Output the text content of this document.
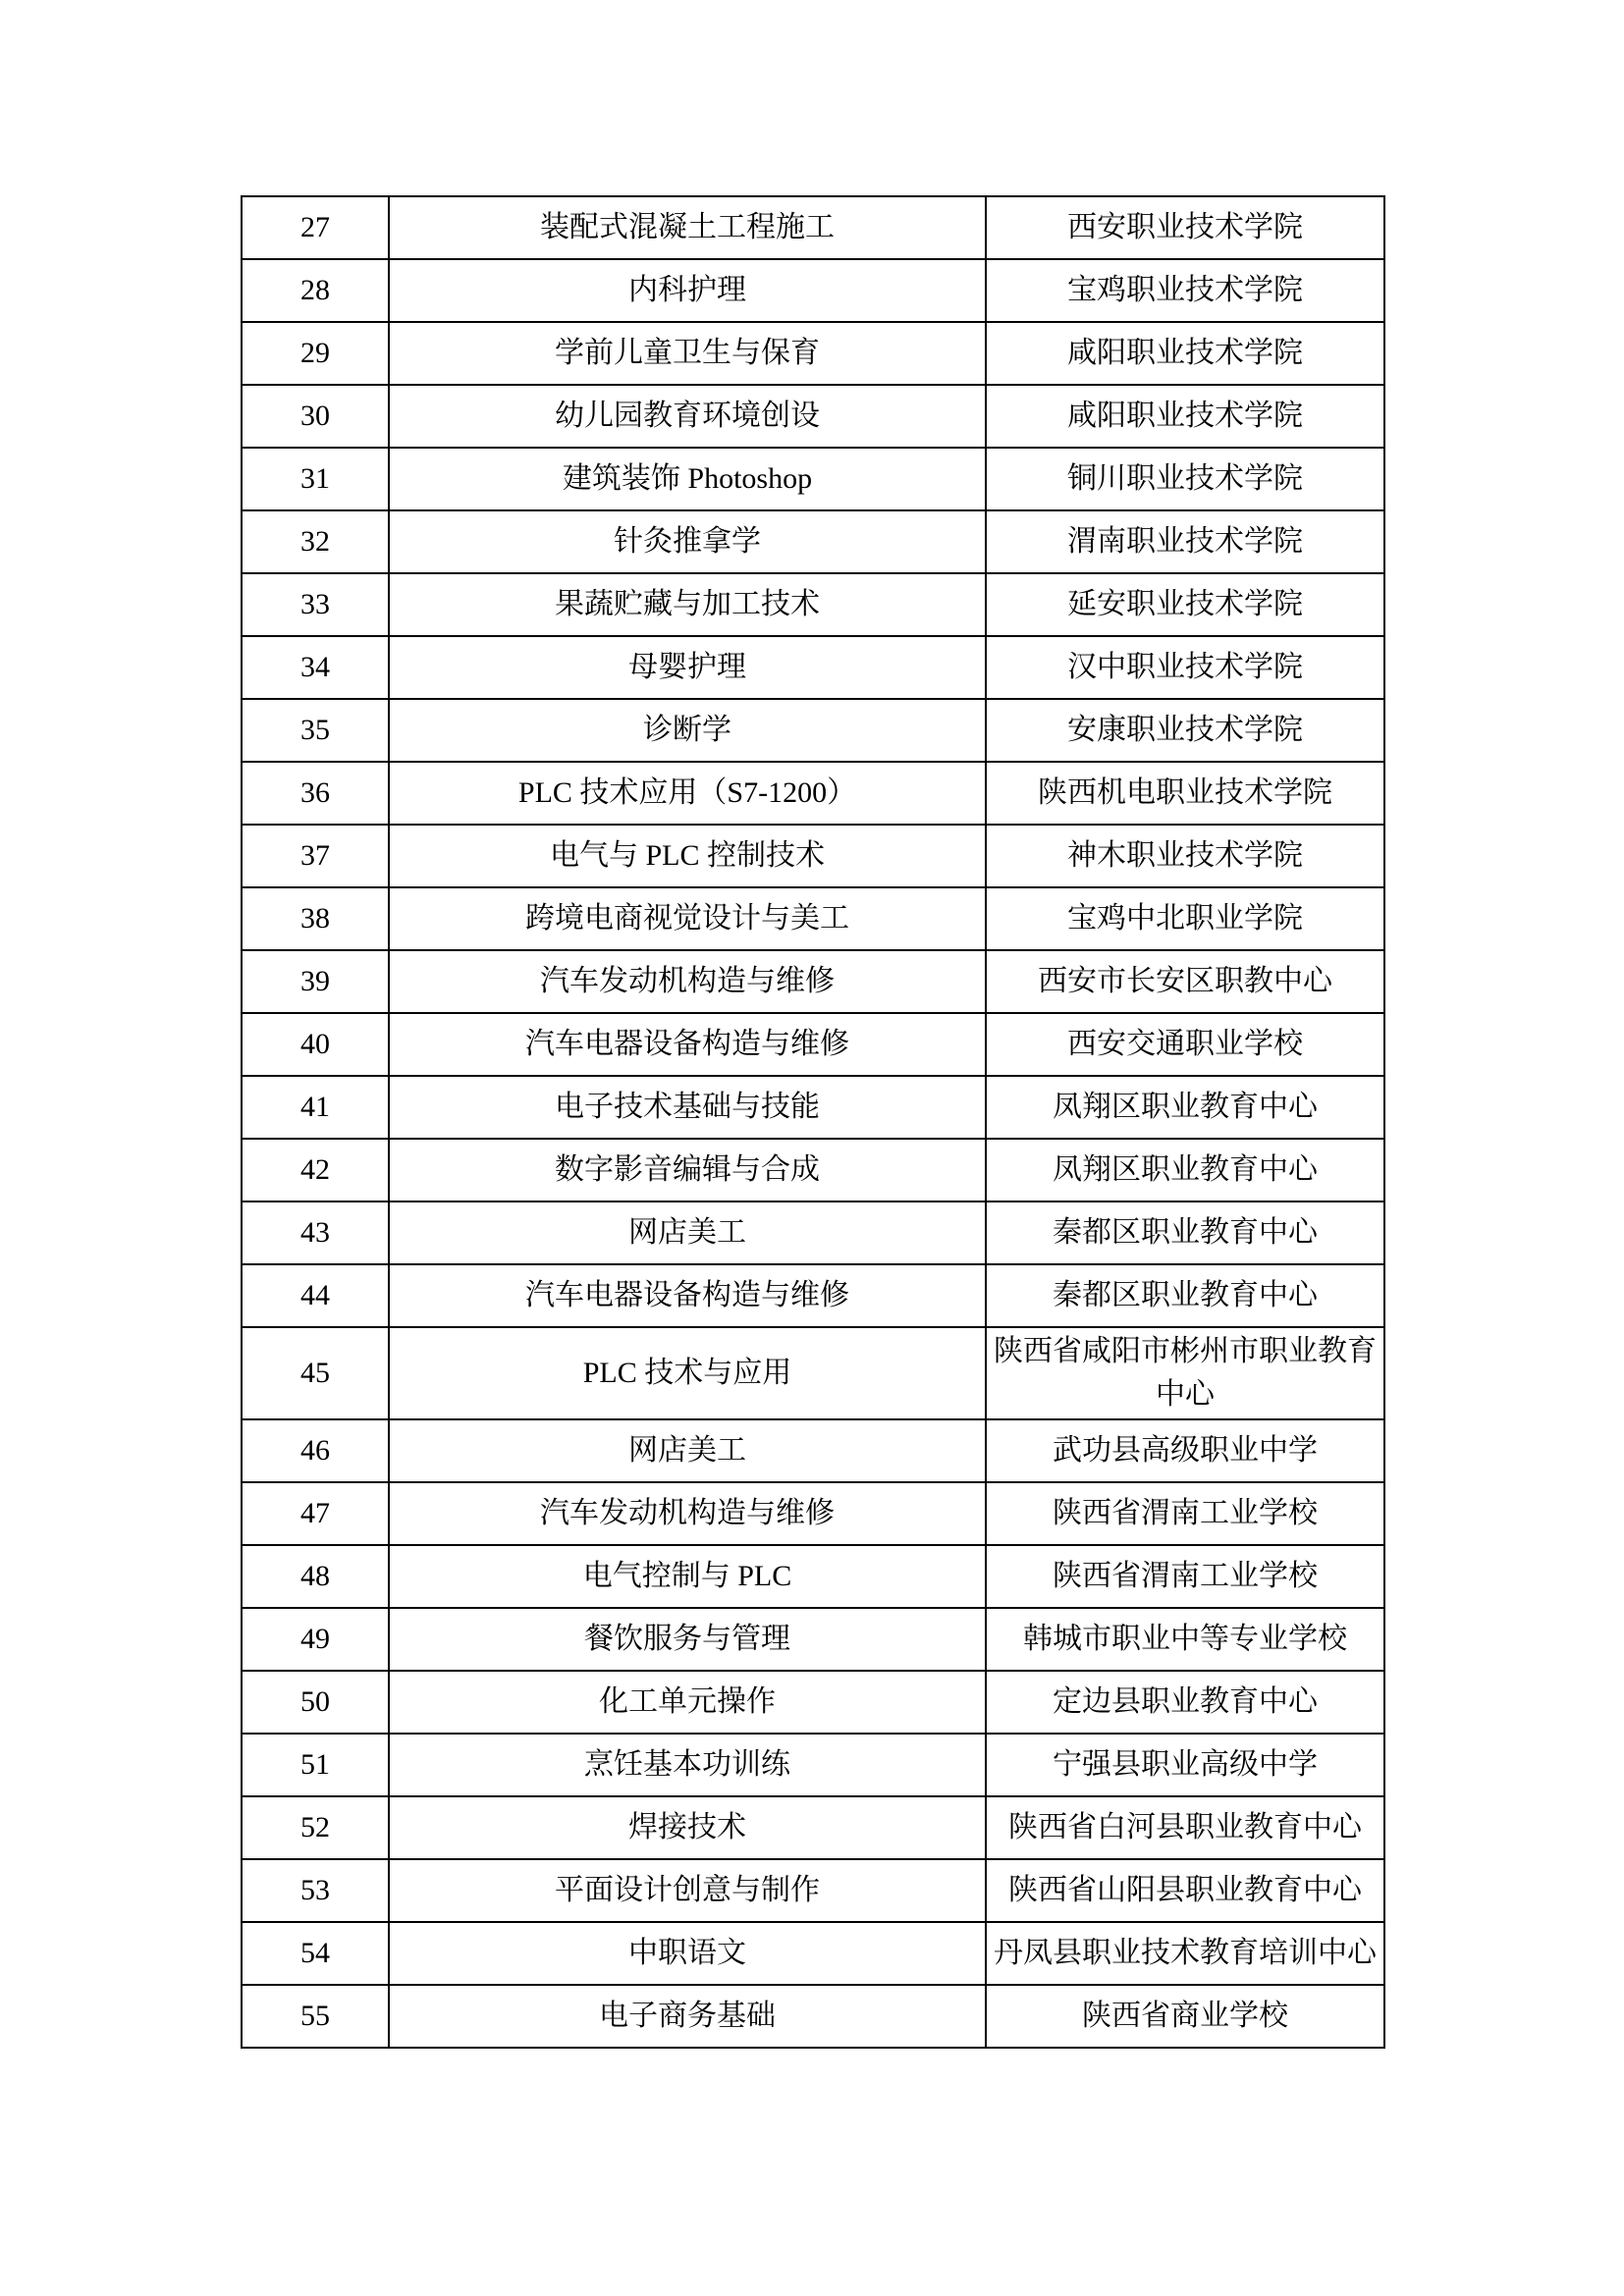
27	装配式混凝土工程施工	西安职业技术学院
28	内科护理	宝鸡职业技术学院
29	学前儿童卫生与保育	咸阳职业技术学院
30	幼儿园教育环境创设	咸阳职业技术学院
31	建筑装饰 Photoshop	铜川职业技术学院
32	针灸推拿学	渭南职业技术学院
33	果蔬贮藏与加工技术	延安职业技术学院
34	母婴护理	汉中职业技术学院
35	诊断学	安康职业技术学院
36	PLC 技术应用（S7-1200）	陕西机电职业技术学院
37	电气与 PLC 控制技术	神木职业技术学院
38	跨境电商视觉设计与美工	宝鸡中北职业学院
39	汽车发动机构造与维修	西安市长安区职教中心
40	汽车电器设备构造与维修	西安交通职业学校
41	电子技术基础与技能	凤翔区职业教育中心
42	数字影音编辑与合成	凤翔区职业教育中心
43	网店美工	秦都区职业教育中心
44	汽车电器设备构造与维修	秦都区职业教育中心
45	PLC 技术与应用	陕西省咸阳市彬州市职业教育中心
46	网店美工	武功县高级职业中学
47	汽车发动机构造与维修	陕西省渭南工业学校
48	电气控制与 PLC	陕西省渭南工业学校
49	餐饮服务与管理	韩城市职业中等专业学校
50	化工单元操作	定边县职业教育中心
51	烹饪基本功训练	宁强县职业高级中学
52	焊接技术	陕西省白河县职业教育中心
53	平面设计创意与制作	陕西省山阳县职业教育中心
54	中职语文	丹凤县职业技术教育培训中心
55	电子商务基础	陕西省商业学校
